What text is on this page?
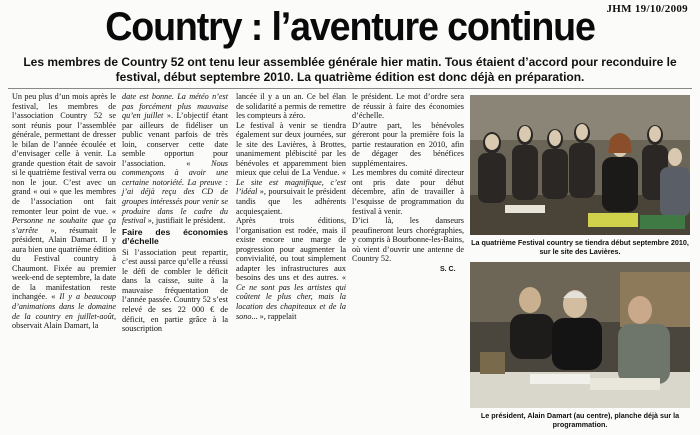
JHM 19/10/2009
Country : l’aventure continue

Les membres de Country 52 ont tenu leur assemblée générale hier matin. Tous étaient d’accord pour reconduire le festival, début septembre 2010. La quatrième édition est donc déjà en préparation.

Un peu plus d’un mois après le festival, les membres de l’association Country 52 se sont réunis pour l’assemblée générale, permettant de dresser le bilan de l’année écoulée et d’envisager celle à venir. La grande question était de savoir si le quatrième festival verra ou non le jour. C’est avec un grand « oui » que les membres de l’association ont fait remonter leur point de vue. « Personne ne souhaite que ça s’arrête », résumait le président, Alain Damart. Il y aura bien une quatrième édition du Festival country à Chaumont. Fixée au premier week-end de septembre, la date de la manifestation reste inchangée. « Il y a beaucoup d’animations dans le domaine de la country en juillet-août, observait Alain Damart, la

date est bonne. La météo n’est pas forcément plus mauvaise qu’en juillet ». L’objectif étant par ailleurs de fidéliser un public venant parfois de très loin, conserver cette date semble opportun pour l’association. « Nous commençons à avoir une certaine notoriété. La preuve : j’ai déjà reçu des CD de groupes intéressés pour venir se produire dans le cadre du festival », justifiait le président.

Faire des économies d’échelle

Si l’association peut repartir, c’est aussi parce qu’elle a réussi le défi de combler le déficit dans la caisse, suite à la mauvaise fréquentation de l’année passée. Country 52 s’est relevé de ses 22 000 € de déficit, en partie grâce à la souscription

lancée il y a un an. Ce bel élan de solidarité a permis de remettre les compteurs à zéro.

Le festival à venir se tiendra également sur deux journées, sur le site des Lavières, à Brottes, unanimement plébiscité par les bénévoles et apparemment bien mieux que celui de La Vendue. « Le site est magnifique, c’est l’idéal », poursuivait le président tandis que les adhérents acquiesçaient.

Après trois éditions, l’organisation est rodée, mais il existe encore une marge de progression pour augmenter la convivialité, ou tout simplement adapter les infrastructures aux besoins des uns et des autres. « Ce ne sont pas les artistes qui coûtent le plus cher, mais la location des chapiteaux et de la sono... », rappelait

le président. Le mot d’ordre sera de réussir à faire des économies d’échelle.

D’autre part, les bénévoles géreront pour la première fois la partie restauration en 2010, afin de dégager des bénéfices supplémentaires.

Les membres du comité directeur ont pris date pour début décembre, afin de travailler à l’esquisse de programmation du festival à venir.

D’ici là, les danseurs peaufineront leurs chorégraphies, y compris à Bourbonne-les-Bains, où vient d’ouvrir une antenne de Country 52.

S. C.

La quatrième Festival country se tiendra début septembre 2010, sur le site des Lavières.

Le président, Alain Damart (au centre), planche déjà sur la programmation.
